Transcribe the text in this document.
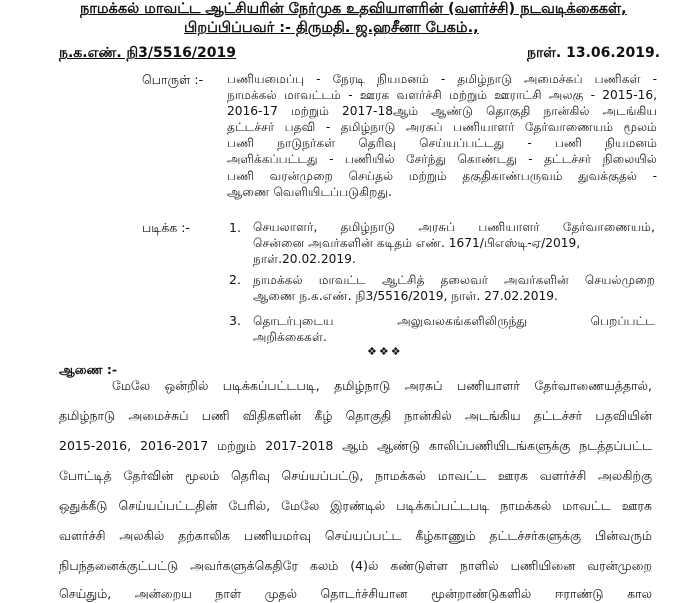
நாமக்கல் மாவட்ட ஆட்சியரின் நேர்முக உதவியாளரின் (வளர்ச்சி) நடவடிக்கைகள்,
பிறப்பிப்பவர் :- திருமதி. ஜ.ஹசீனா பேகம்.,
ந.க.எண். நி3/5516/2019	நாள். 13.06.2019.
பொருள் :- பணியமைப்பு - நேரடி நியமனம் - தமிழ்நாடு அமைச்சுப் பணிகள் -
நாமக்கல் மாவட்டம் - ஊரக வளர்ச்சி மற்றும் ஊராட்சி அலகு - 2015-16,
2016-17 மற்றும் 2017-18ஆம் ஆண்டு தொகுதி நான்கில் அடங்கிய
தட்டச்சர் பதவி - தமிழ்நாடு அரசுப் பணியாளர் தேர்வாணையம் மூலம்
பணி நாடுநர்கள் தெரிவு செய்யப்பட்டது - பணி நியமனம்
அளிக்கப்பட்டது - பணியில் சேர்ந்து கொண்டது - தட்டச்சர் நிலையில்
பணி வரன்முறை செய்தல் மற்றும் தகுதிகாண்பருவம் துவக்குதல் -
ஆணை வெளியிடப்படுகிறது.
படிக்க :-	1. செயலாளர், தமிழ்நாடு அரசுப் பணியாளர் தேர்வாணையம்,
சென்னை அவர்களின் கடிதம் எண். 1671/பிஎஸ்டி-ஏ/2019,
நாள்.20.02.2019.
2. நாமக்கல் மாவட்ட ஆட்சித் தலைவர் அவர்களின் செயல்முறை
ஆணை ந.க.எண். நி3/5516/2019, நாள். 27.02.2019.
3. தொடர்புடைய அலுவலகங்களிலிருந்து பெறப்பட்ட
அறிக்கைகள்.
❖❖❖
ஆணை :-
மேலே ஒன்றில் படிக்கப்பட்டபடி, தமிழ்நாடு அரசுப் பணியாளர் தேர்வாணையத்தால்,
தமிழ்நாடு அமைச்சுப் பணி விதிகளின் கீழ் தொகுதி நான்கில் அடங்கிய தட்டச்சர் பதவியின்
2015-2016, 2016-2017 மற்றும் 2017-2018 ஆம் ஆண்டு காலிப்பணியிடங்களுக்கு நடத்தப்பட்ட
போட்டித் தேர்வின் மூலம் தெரிவு செய்யப்பட்டு, நாமக்கல் மாவட்ட ஊரக வளர்ச்சி அலகிற்கு
ஒதுக்கீடு செய்யப்பட்டதின் பேரில், மேலே இரண்டில் படிக்கப்பட்டபடி நாமக்கல் மாவட்ட ஊரக
வளர்ச்சி அலகில் தற்காலிக பணியமர்வு செய்யப்பட்ட கீழ்காணும் தட்டச்சர்களுக்கு பின்வரும்
நிபந்தனைக்குட்பட்டு அவர்களுக்கெதிரே கலம் (4)ல் கண்டுள்ள நாளில் பணியினை வரன்முறை
செய்தும், அன்றைய நாள் முதல் தொடர்ச்சியான மூன்றாண்டுகளில் ஈராண்டு கால
